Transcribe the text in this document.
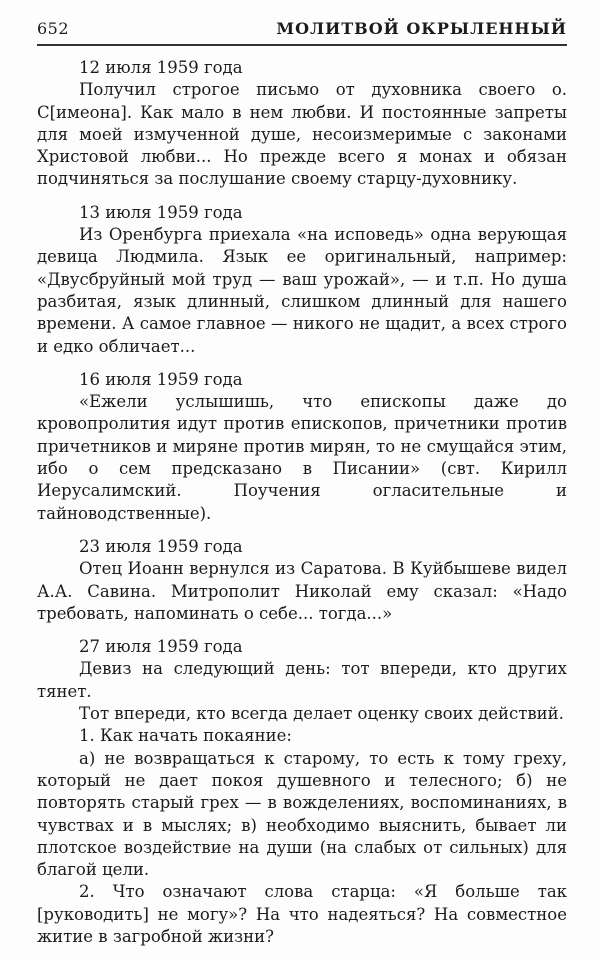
652	МОЛИТВОЙ ОКРЫЛЕННЫЙ
12 июля 1959 года

Получил строгое письмо от духовника своего о. С[имеона]. Как мало в нем любви. И постоянные запреты для моей измученной душе, несоизмеримые с законами Христовой любви... Но прежде всего я монах и обязан подчиняться за послушание своему старцу-духовнику.

13 июля 1959 года

Из Оренбурга приехала «на исповедь» одна верующая девица Людмила. Язык ее оригинальный, например: «Двусбруйный мой труд — ваш урожай», — и т.п. Но душа разбитая, язык длинный, слишком длинный для нашего времени. А самое главное — никого не щадит, а всех строго и едко обличает...

16 июля 1959 года

«Ежели услышишь, что епископы даже до кровопролития идут против епископов, причетники против причетников и миряне против мирян, то не смущайся этим, ибо о сем предсказано в Писании» (свт. Кирилл Иерусалимский. Поучения огласительные и тайноводственные).

23 июля 1959 года

Отец Иоанн вернулся из Саратова. В Куйбышеве видел А.А. Савина. Митрополит Николай ему сказал: «Надо требовать, напоминать о себе... тогда...»

27 июля 1959 года

Девиз на следующий день: тот впереди, кто других тянет.

Тот впереди, кто всегда делает оценку своих действий.

1. Как начать покаяние:

а) не возвращаться к старому, то есть к тому греху, который не дает покоя душевного и телесного; б) не повторять старый грех — в вожделениях, воспоминаниях, в чувствах и в мыслях; в) необходимо выяснить, бывает ли плотское воздействие на души (на слабых от сильных) для благой цели.

2. Что означают слова старца: «Я больше так [руководить] не могу»? На что надеяться? На совместное житие в загробной жизни?
